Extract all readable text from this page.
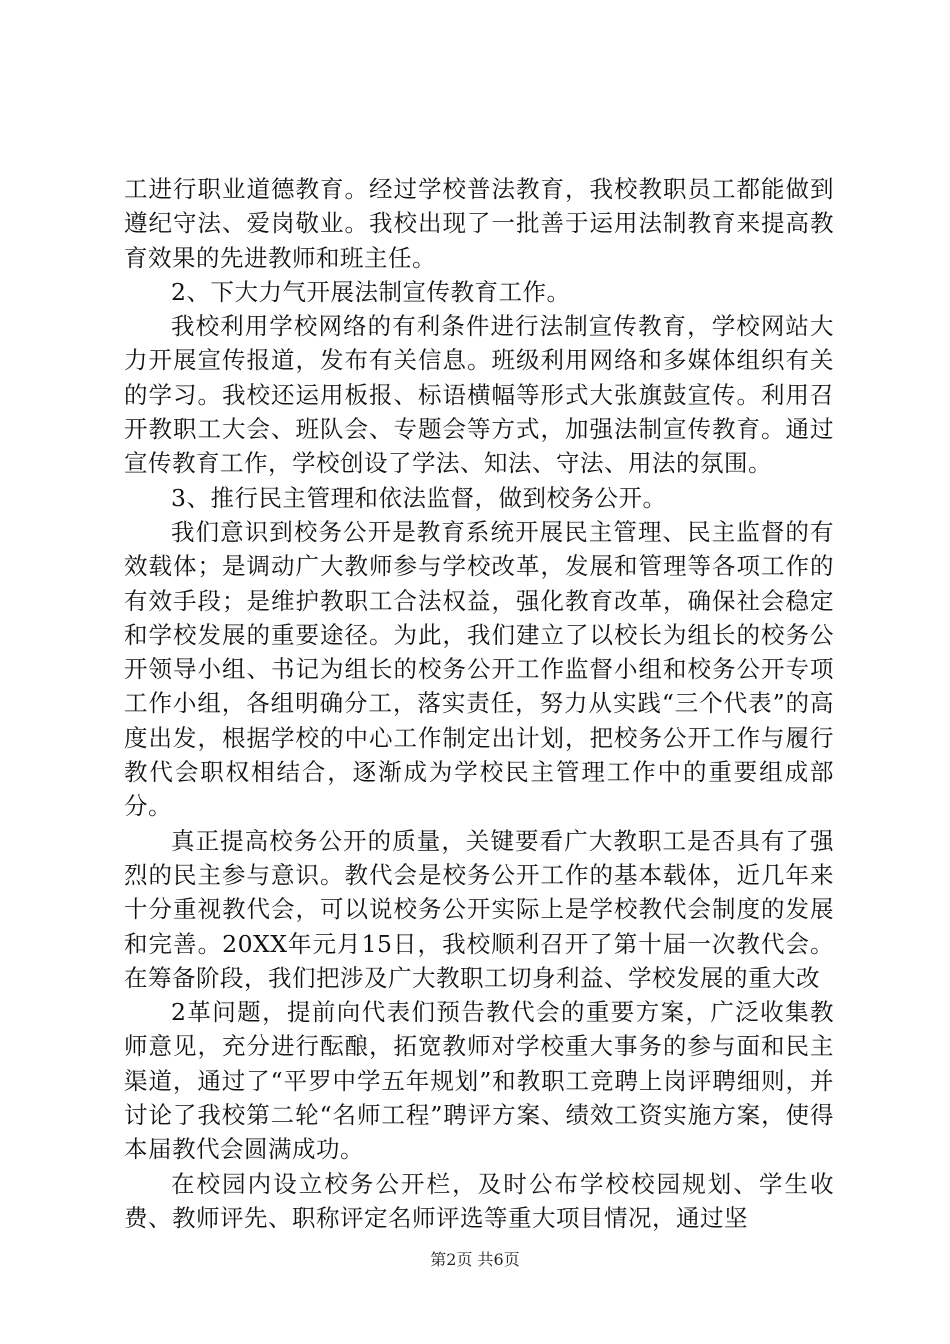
工进行职业道德教育。经过学校普法教育，我校教职员工都能做到遵纪守法、爱岗敬业。我校出现了一批善于运用法制教育来提高教育效果的先进教师和班主任。

2、下大力气开展法制宣传教育工作。

我校利用学校网络的有利条件进行法制宣传教育，学校网站大力开展宣传报道，发布有关信息。班级利用网络和多媒体组织有关的学习。我校还运用板报、标语横幅等形式大张旗鼓宣传。利用召开教职工大会、班队会、专题会等方式，加强法制宣传教育。通过宣传教育工作，学校创设了学法、知法、守法、用法的氛围。

3、推行民主管理和依法监督，做到校务公开。

我们意识到校务公开是教育系统开展民主管理、民主监督的有效载体；是调动广大教师参与学校改革，发展和管理等各项工作的有效手段；是维护教职工合法权益，强化教育改革，确保社会稳定和学校发展的重要途径。为此，我们建立了以校长为组长的校务公开领导小组、书记为组长的校务公开工作监督小组和校务公开专项工作小组，各组明确分工，落实责任，努力从实践“三个代表”的高度出发，根据学校的中心工作制定出计划，把校务公开工作与履行教代会职权相结合，逐渐成为学校民主管理工作中的重要组成部分。

真正提高校务公开的质量，关键要看广大教职工是否具有了强烈的民主参与意识。教代会是校务公开工作的基本载体，近几年来十分重视教代会，可以说校务公开实际上是学校教代会制度的发展和完善。20XX年元月15日，我校顺利召开了第十届一次教代会。在筹备阶段，我们把涉及广大教职工切身利益、学校发展的重大改

2革问题，提前向代表们预告教代会的重要方案，广泛收集教师意见，充分进行酝酿，拓宽教师对学校重大事务的参与面和民主渠道，通过了“平罗中学五年规划”和教职工竞聘上岗评聘细则，并讨论了我校第二轮“名师工程”聘评方案、绩效工资实施方案，使得本届教代会圆满成功。

在校园内设立校务公开栏，及时公布学校校园规划、学生收费、教师评先、职称评定名师评选等重大项目情况，通过坚

第2页 共6页
